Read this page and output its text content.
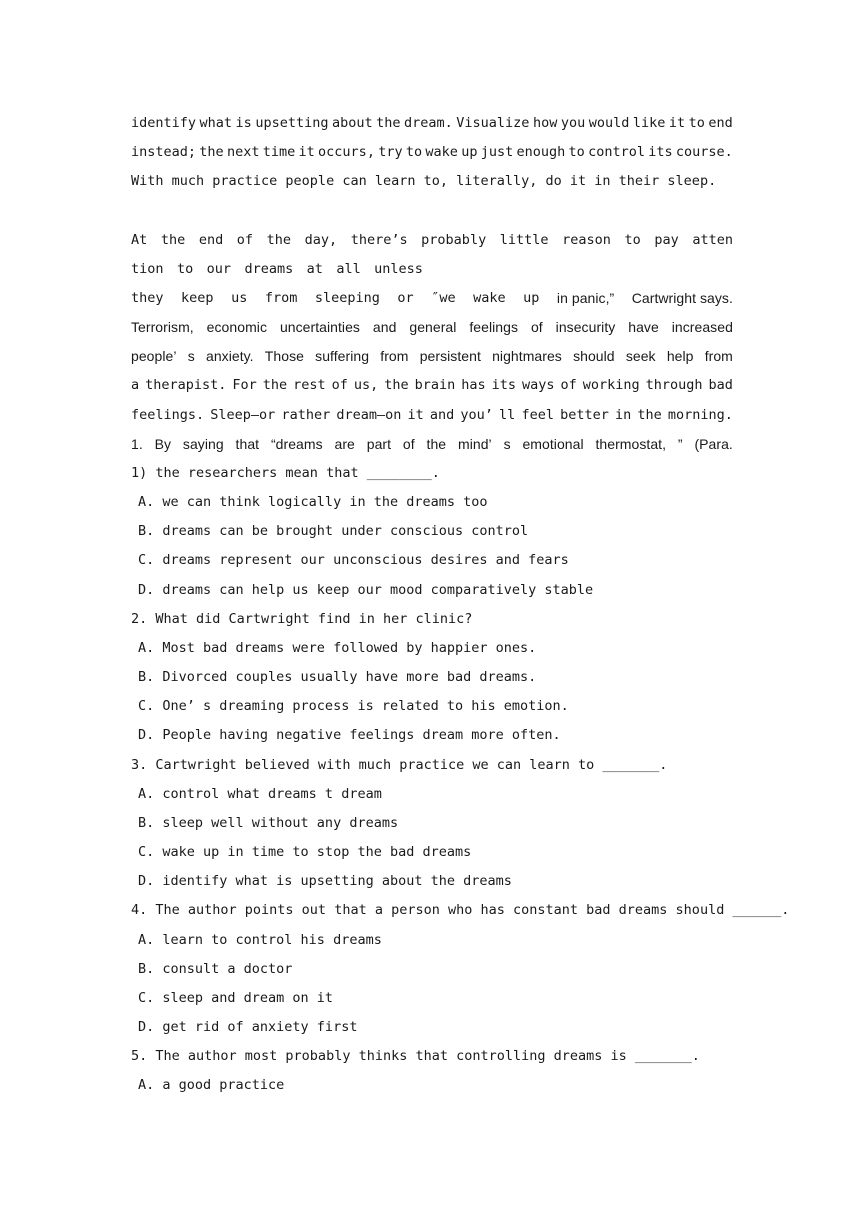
identify what is upsetting about the dream. Visualize how you would like it to end
instead; the next time it occurs, try to wake up just enough to control its course.
With much practice people can learn to, literally, do it in their sleep.
At the end of the day, there’s probably little reason to pay atten
tion to our dreams at all unless
they keep us from sleeping or ″we wake up in panic,” Cartwright says.
Terrorism, economic uncertainties and general feelings of insecurity have increased
people’ s anxiety. Those suffering from persistent nightmares should seek help from
a therapist. For the rest of us, the brain has its ways of working through bad
feelings. Sleep—or rather dream—on it and you’ ll feel better in the morning.
1. By saying that “dreams are part of the mind’ s emotional thermostat, ” (Para.
1) the researchers mean that ________.
A. we can think logically in the dreams too
B. dreams can be brought under conscious control
C. dreams represent our unconscious desires and fears
D. dreams can help us keep our mood comparatively stable
2. What did Cartwright find in her clinic?
A. Most bad dreams were followed by happier ones.
B. Divorced couples usually have more bad dreams.
C. One’ s dreaming process is related to his emotion.
D. People having negative feelings dream more often.
3. Cartwright believed with much practice we can learn to _______.
A. control what dreams t dream
B. sleep well without any dreams
C. wake up in time to stop the bad dreams
D. identify what is upsetting about the dreams
4. The author points out that a person who has constant bad dreams should ______.
A. learn to control his dreams
B. consult a doctor
C. sleep and dream on it
D. get rid of anxiety first
5. The author most probably thinks that controlling dreams is _______.
A. a good practice
